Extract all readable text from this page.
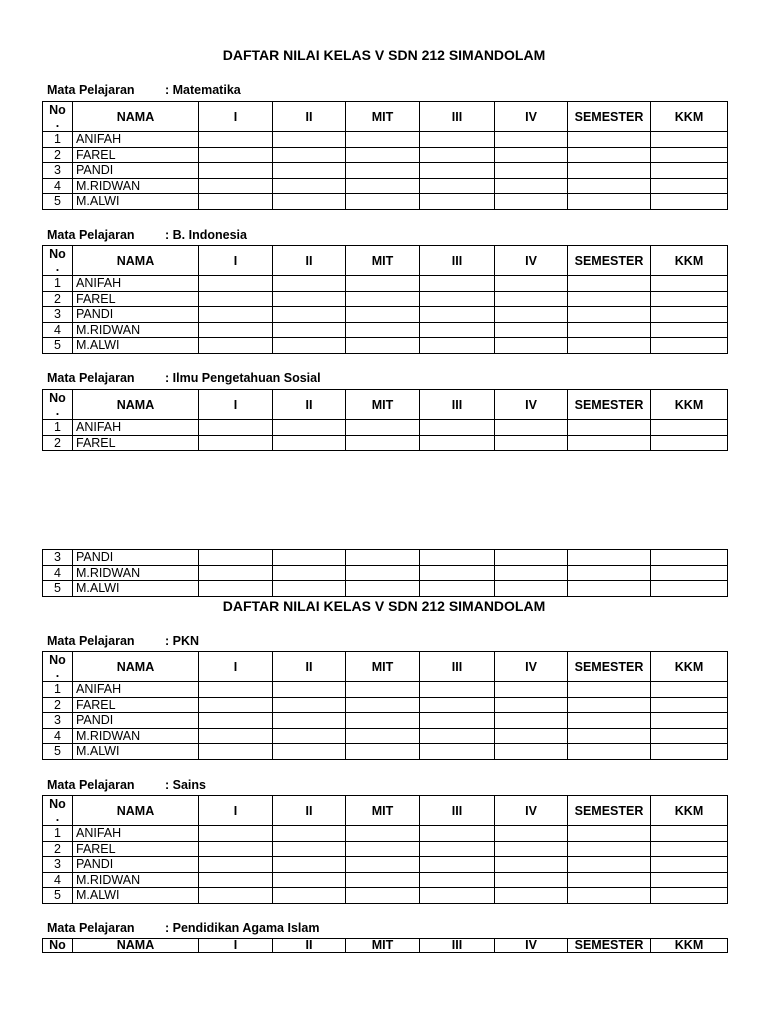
DAFTAR NILAI KELAS V SDN 212 SIMANDOLAM
Mata Pelajaran : Matematika
No
.	NAMA	I	II	MIT	III	IV	SEMESTER	KKM
1	ANIFAH							
2	FAREL							
3	PANDI							
4	M.RIDWAN							
5	M.ALWI							
Mata Pelajaran : B. Indonesia
No
.	NAMA	I	II	MIT	III	IV	SEMESTER	KKM
1	ANIFAH							
2	FAREL							
3	PANDI							
4	M.RIDWAN							
5	M.ALWI							
Mata Pelajaran : Ilmu Pengetahuan Sosial
No
.	NAMA	I	II	MIT	III	IV	SEMESTER	KKM
1	ANIFAH							
2	FAREL							
3	PANDI							
4	M.RIDWAN							
5	M.ALWI							
DAFTAR NILAI KELAS V SDN 212 SIMANDOLAM
Mata Pelajaran : PKN
No
.	NAMA	I	II	MIT	III	IV	SEMESTER	KKM
1	ANIFAH							
2	FAREL							
3	PANDI							
4	M.RIDWAN							
5	M.ALWI							
Mata Pelajaran : Sains
No
.	NAMA	I	II	MIT	III	IV	SEMESTER	KKM
1	ANIFAH							
2	FAREL							
3	PANDI							
4	M.RIDWAN							
5	M.ALWI							
Mata Pelajaran : Pendidikan Agama Islam
No	NAMA	I	II	MIT	III	IV	SEMESTER	KKM
